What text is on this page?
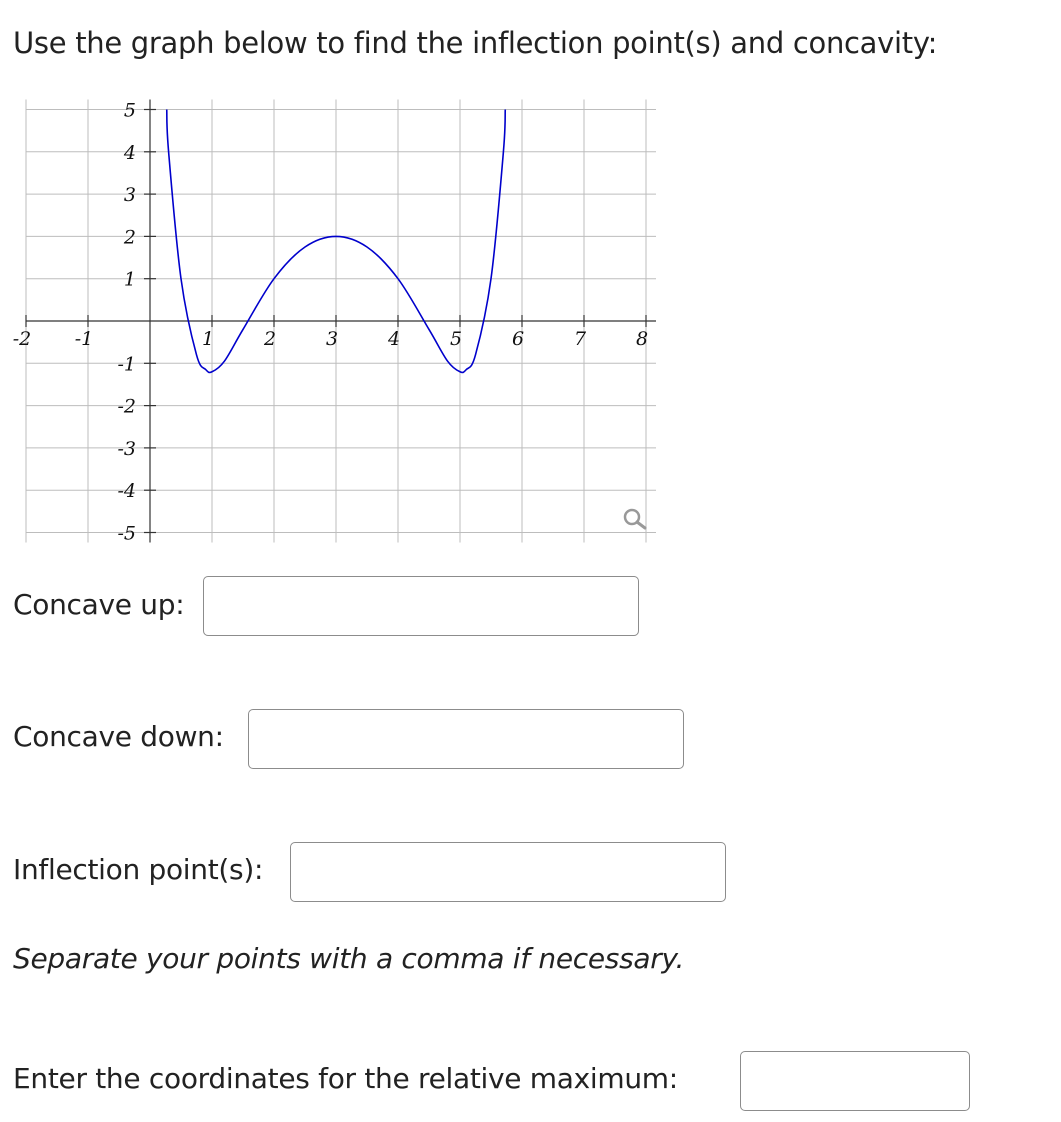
Use the graph below to find the inflection point(s) and concavity:
-2 -1	1	2	3	4	5	6	7	8
5
4
3
2
1
-1
-2
-3
-4
-5
Concave up:
Concave down:
Inflection point(s):
Separate your points with a comma if necessary.
Enter the coordinates for the relative maximum:
